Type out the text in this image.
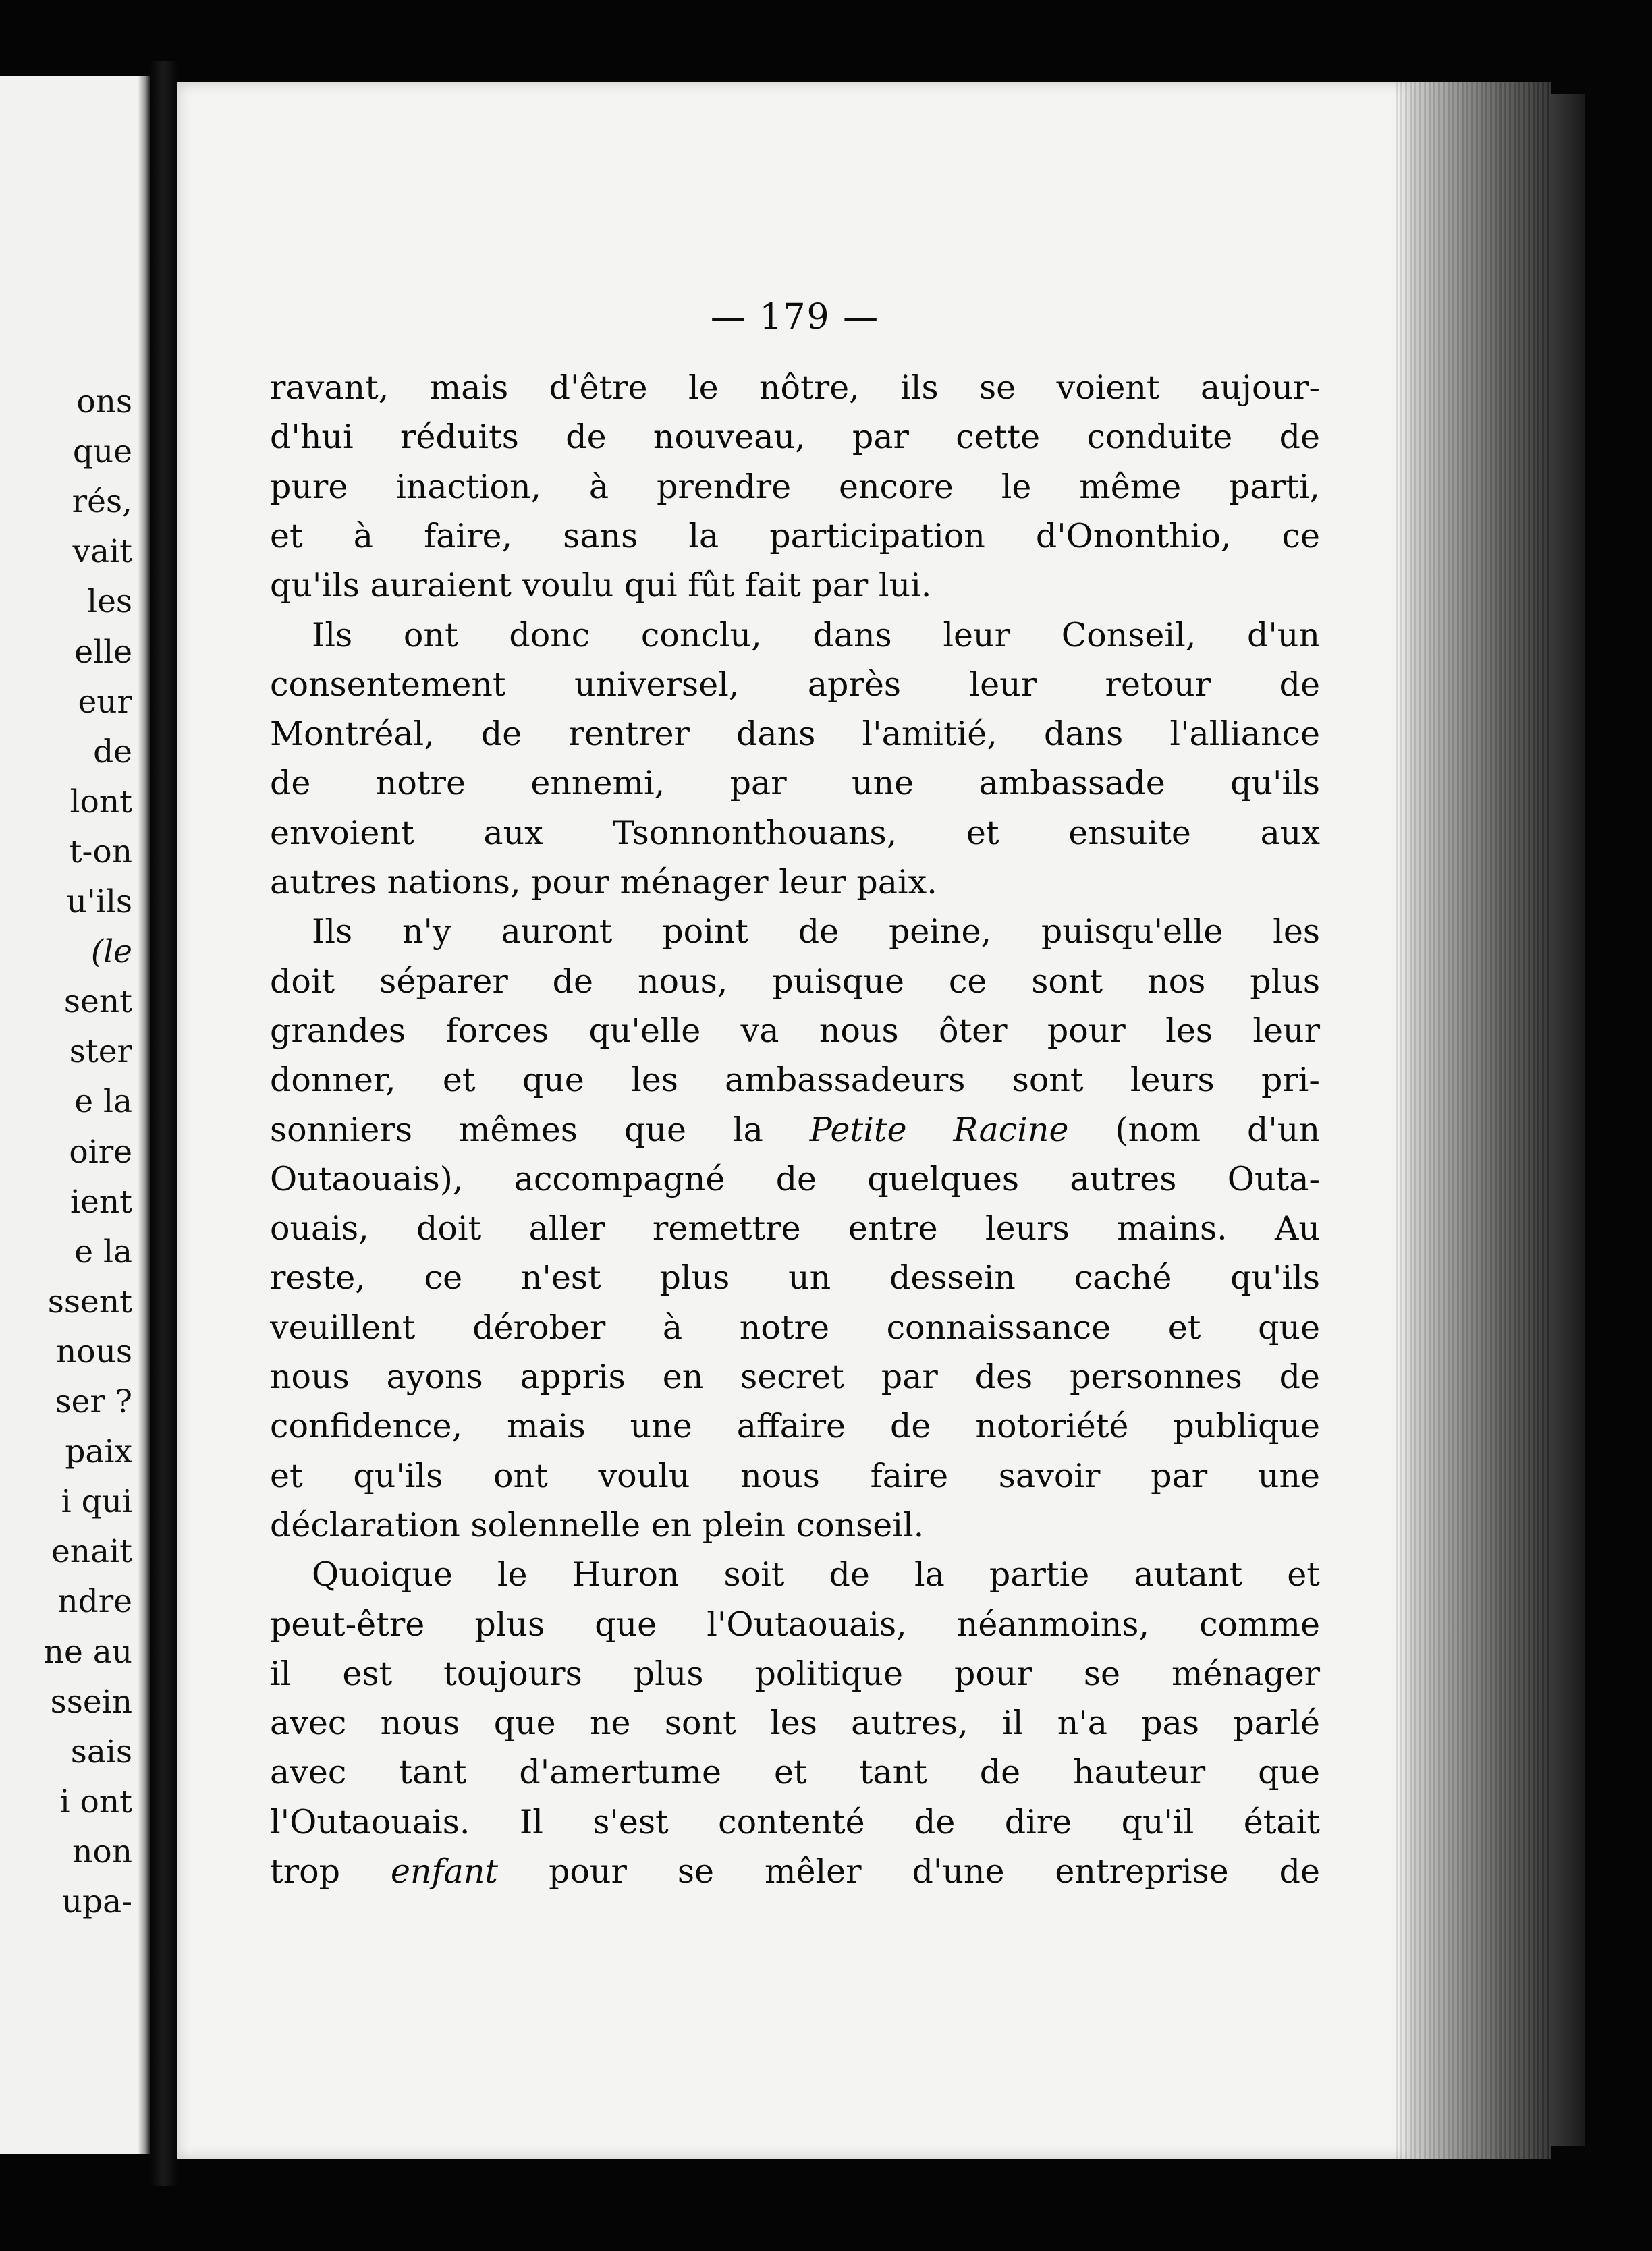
ons
que
rés,
vait
les
elle
eur
de
lont
t-on
u'ils
(le
sent
ster
e la
oire
ient
e la
ssent
nous
ser ?
paix
i qui
enait
ndre
ne au
ssein
sais
i ont
non
upa-
— 179 —
ravant, mais d'être le nôtre, ils se voient aujour-
d'hui réduits de nouveau, par cette conduite de
pure inaction, à prendre encore le même parti,
et à faire, sans la participation d'Ononthio, ce
qu'ils auraient voulu qui fût fait par lui.
Ils ont donc conclu, dans leur Conseil, d'un
consentement universel, après leur retour de
Montréal, de rentrer dans l'amitié, dans l'alliance
de notre ennemi, par une ambassade qu'ils
envoient aux Tsonnonthouans, et ensuite aux
autres nations, pour ménager leur paix.
Ils n'y auront point de peine, puisqu'elle les
doit séparer de nous, puisque ce sont nos plus
grandes forces qu'elle va nous ôter pour les leur
donner, et que les ambassadeurs sont leurs pri-
sonniers mêmes que la Petite Racine (nom d'un
Outaouais), accompagné de quelques autres Outa-
ouais, doit aller remettre entre leurs mains. Au
reste, ce n'est plus un dessein caché qu'ils
veuillent dérober à notre connaissance et que
nous ayons appris en secret par des personnes de
confidence, mais une affaire de notoriété publique
et qu'ils ont voulu nous faire savoir par une
déclaration solennelle en plein conseil.
Quoique le Huron soit de la partie autant et
peut-être plus que l'Outaouais, néanmoins, comme
il est toujours plus politique pour se ménager
avec nous que ne sont les autres, il n'a pas parlé
avec tant d'amertume et tant de hauteur que
l'Outaouais. Il s'est contenté de dire qu'il était
trop enfant pour se mêler d'une entreprise de
